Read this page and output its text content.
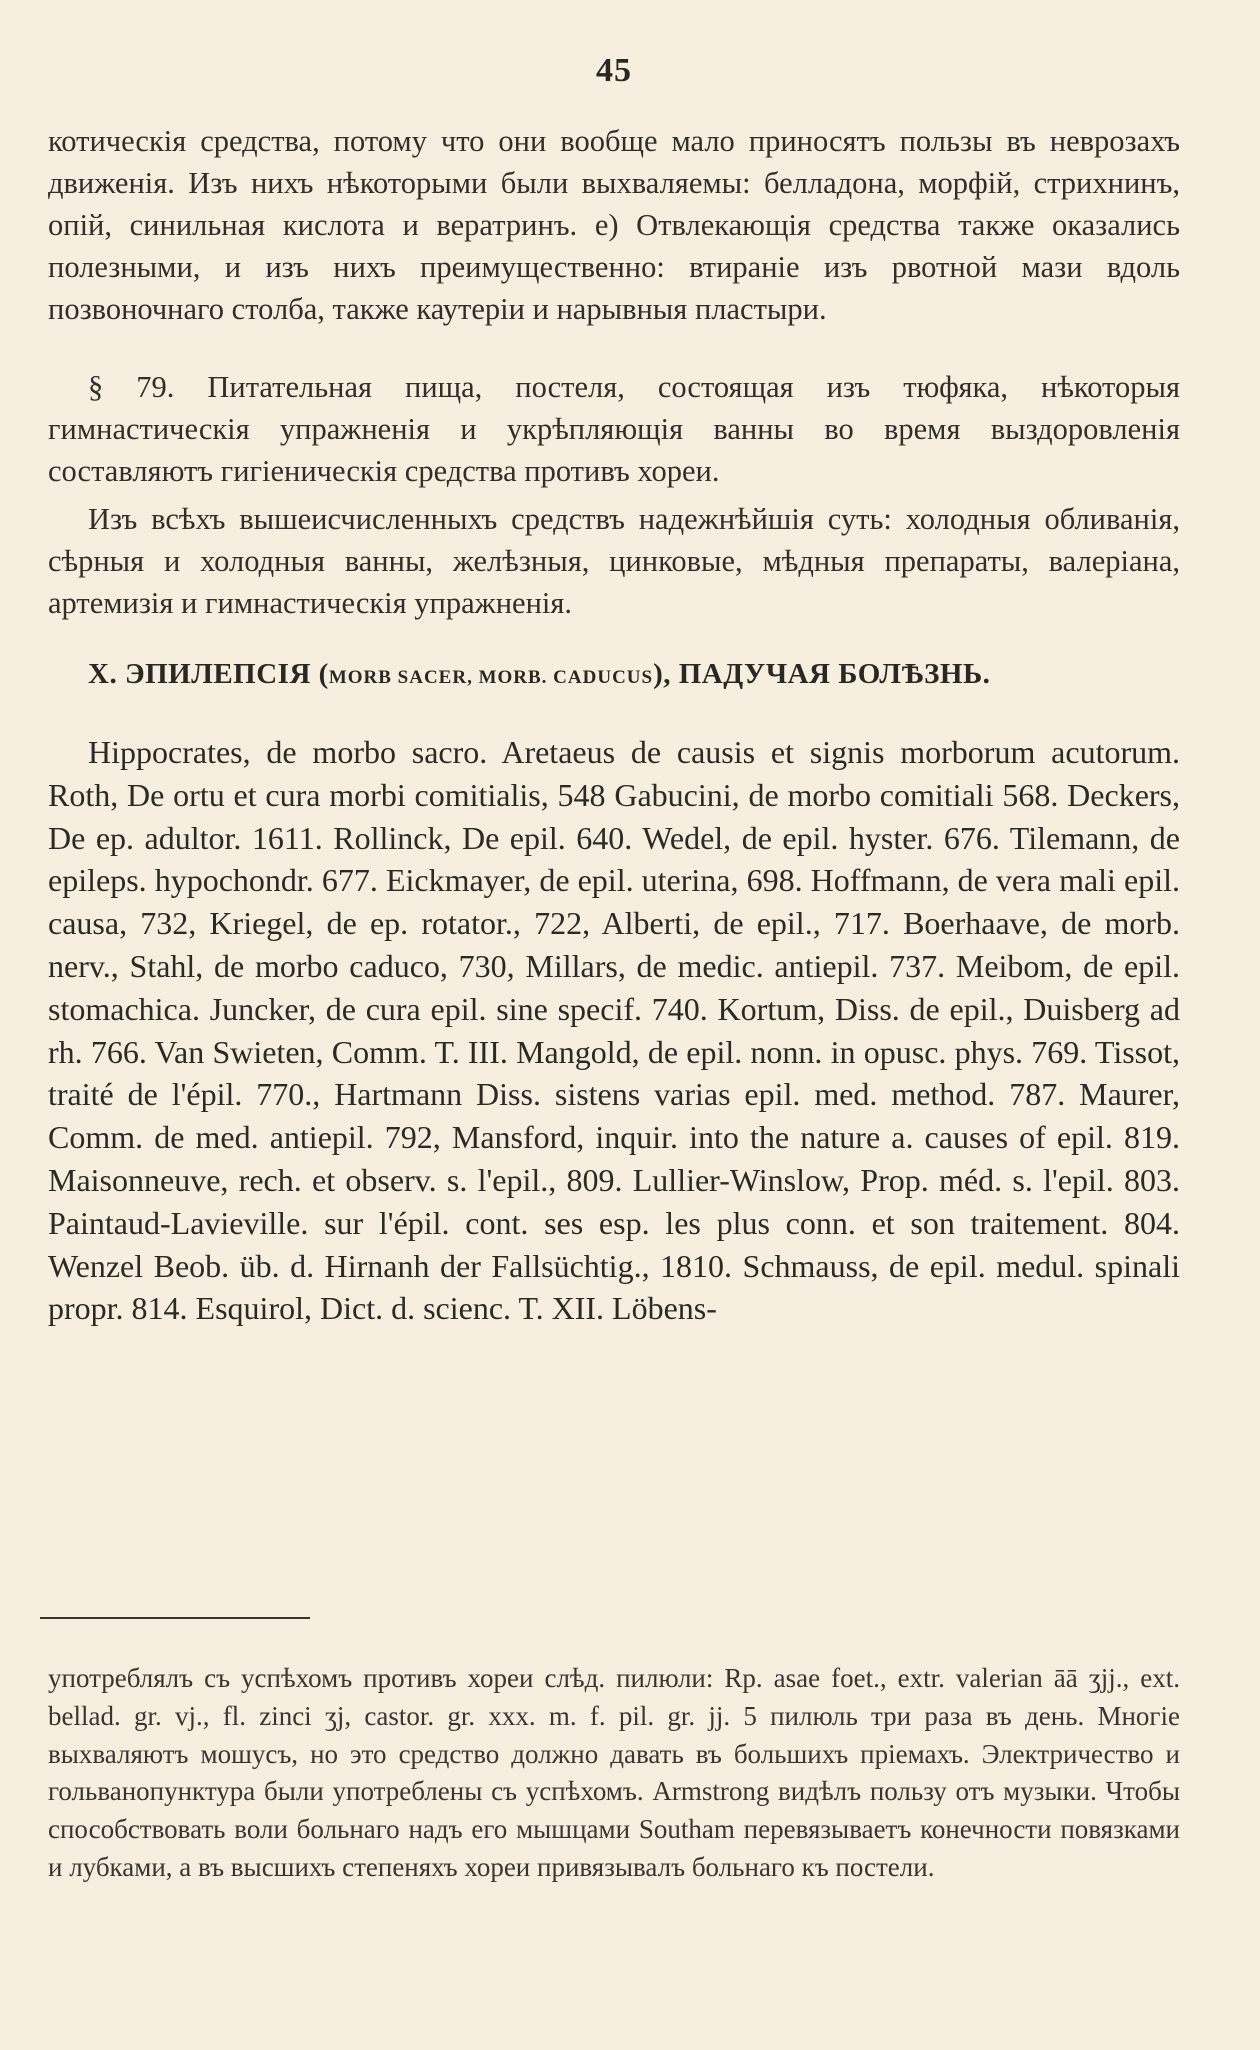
45

котическія средства, потому что они вообще мало приносятъ пользы въ неврозахъ движенія. Изъ нихъ нѣкоторыми были выхваляемы: белладона, морфій, стрихнинъ, опій, синильная кислота и вератринъ. e) Отвлекающія средства также оказались полезными, и изъ нихъ преимущественно: втираніе изъ рвотной мази вдоль позвоночнаго столба, также каутеріи и нарывныя пластыри.

§ 79. Питательная пища, постеля, состоящая изъ тюфяка, нѣкоторыя гимнастическія упражненія и укрѣпляющія ванны во время выздоровленія составляютъ гигіеническія средства противъ хореи.

Изъ всѣхъ вышеисчисленныхъ средствъ надежнѣйшія суть: холодныя обливанія, сѣрныя и холодныя ванны, желѣзныя, цинковые, мѣдныя препараты, валеріана, артемизія и гимнастическія упражненія.

X. ЭПИЛЕПСІЯ (МОRВ SACER, МОRВ. CADUCUS), ПАДУЧАЯ БОЛѢЗНЬ.

Hippocrates, de morbo sacro. Aretaeus de causis et signis morborum acutorum. Roth, De ortu et cura morbi comitialis, 548 Gabucini, de morbo comitiali 568. Deckers, De ep. adultor. 1611. Rollinck, De epil. 640. Wedel, de epil. hyster. 676. Tilemann, de epileps. hypochondr. 677. Eickmayer, de epil. uterina, 698. Hoffmann, de vera mali epil. causa, 732, Kriegel, de ep. rotator., 722, Alberti, de epil., 717. Boerhaave, de morb. nerv., Stahl, de morbo caduco, 730, Millars, de medic. antiepil. 737. Meibom, de epil. stomachica. Juncker, de cura epil. sine specif. 740. Kortum, Diss. de epil., Duisberg ad rh. 766. Van Swieten, Comm. T. III. Mangold, de epil. nonn. in opusc. phys. 769. Tissot, traité de l'épil. 770., Hartmann Diss. sistens varias epil. med. method. 787. Maurer, Comm. de med. antiepil. 792, Mansford, inquir. into the nature a. causes of epil. 819. Maisonneuve, rech. et observ. s. l'epil., 809. Lullier-Winslow, Prop. méd. s. l'epil. 803. Paintaud-Lavieville. sur l'épil. cont. ses esp. les plus conn. et son traitement. 804. Wenzel Beob. üb. d. Hirnanh der Fallsüchtig., 1810. Schmauss, de epil. medul. spinali propr. 814. Esquirol, Dict. d. scienc. T. XII. Löbens-

употреблялъ съ успѣхомъ противъ хореи слѣд. пилюли: Rp. asae foet., extr. valerian āā ʒjj., ext. bellad. gr. vj., fl. zinci ʒj, castor. gr. xxx. m. f. pil. gr. jj. 5 пилюль три раза въ день. Многіе выхваляютъ мошусъ, но это средство должно давать въ большихъ пріемахъ. Электричество и гольванопунктура были употреблены съ успѣхомъ. Armstrong видѣлъ пользу отъ музыки. Чтобы способствовать воли больнаго надъ его мышцами Southam перевязываетъ конечности повязками и лубками, а въ высшихъ степеняхъ хореи привязывалъ больнаго къ постели.
